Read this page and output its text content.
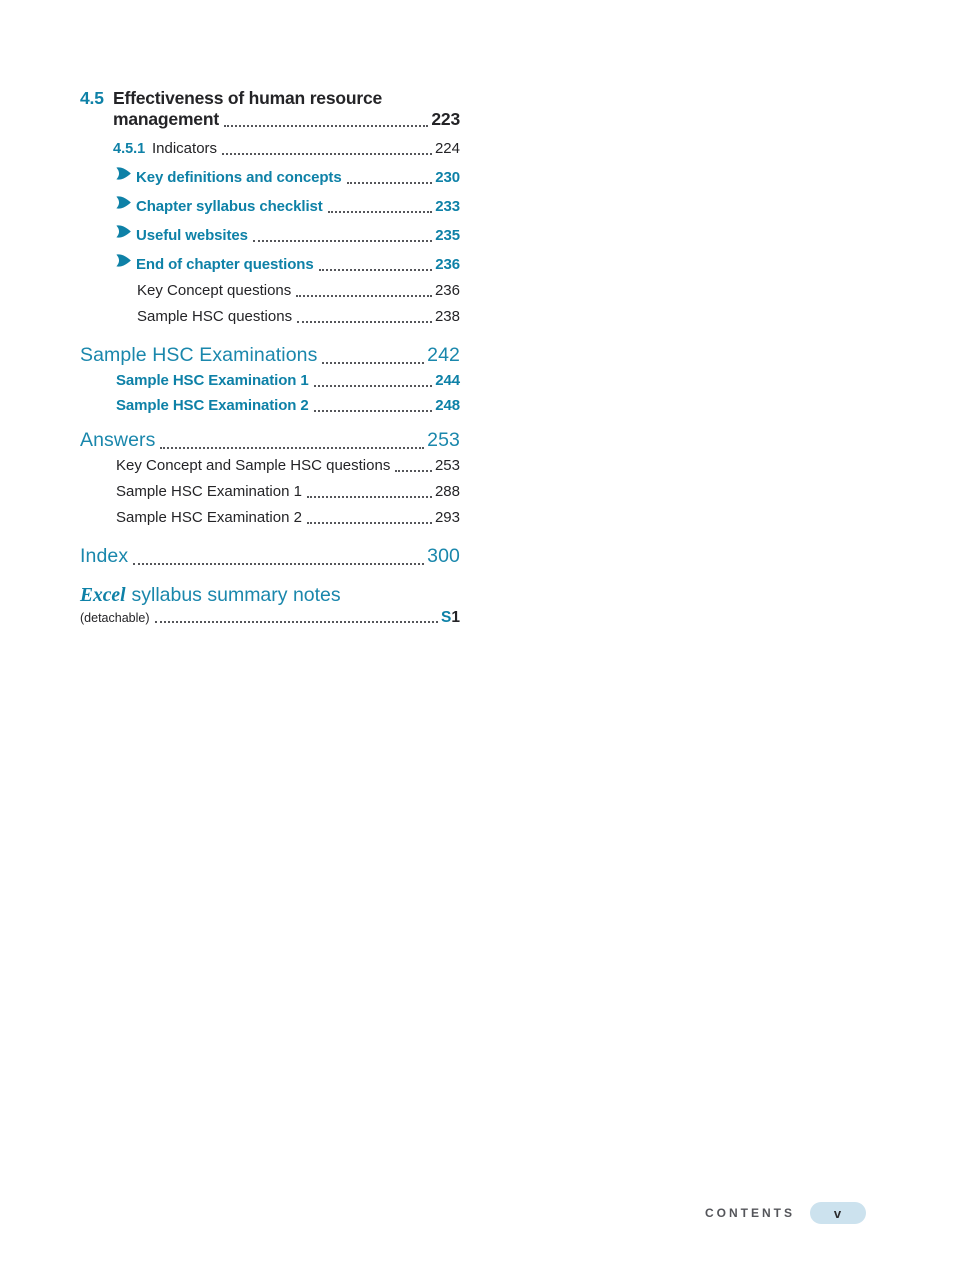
4.5 Effectiveness of human resource
management	223
4.5.1 Indicators	224
Key definitions and concepts	230
Chapter syllabus checklist	233
Useful websites	235
End of chapter questions	236
Key Concept questions	236
Sample HSC questions	238
Sample HSC Examinations	242
Sample HSC Examination 1	244
Sample HSC Examination 2	248
Answers	253
Key Concept and Sample HSC questions	253
Sample HSC Examination 1	288
Sample HSC Examination 2	293
Index	300
Excel syllabus summary notes
(detachable)	S1
CONTENTS	v
